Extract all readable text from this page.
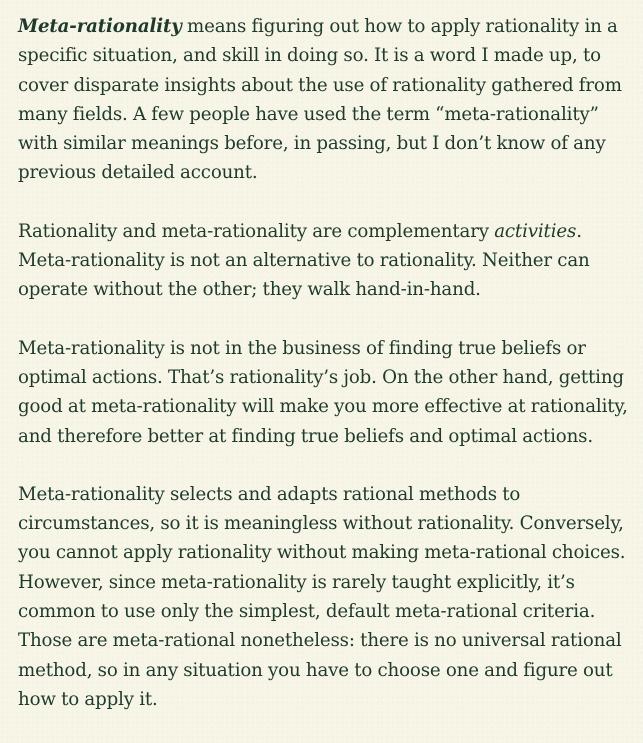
Meta-rationality means figuring out how to apply rationality in a specific situation, and skill in doing so. It is a word I made up, to cover disparate insights about the use of rationality gathered from many fields. A few people have used the term “meta-rationality” with similar meanings before, in passing, but I don’t know of any previous detailed account.

Rationality and meta-rationality are complementary activities. Meta-rationality is not an alternative to rationality. Neither can operate without the other; they walk hand-in-hand.

Meta-rationality is not in the business of finding true beliefs or optimal actions. That’s rationality’s job. On the other hand, getting good at meta-rationality will make you more effective at rationality, and therefore better at finding true beliefs and optimal actions.

Meta-rationality selects and adapts rational methods to circumstances, so it is meaningless without rationality. Conversely, you cannot apply rationality without making meta-rational choices. However, since meta-rationality is rarely taught explicitly, it’s common to use only the simplest, default meta-rational criteria. Those are meta-rational nonetheless: there is no universal rational method, so in any situation you have to choose one and figure out how to apply it.
